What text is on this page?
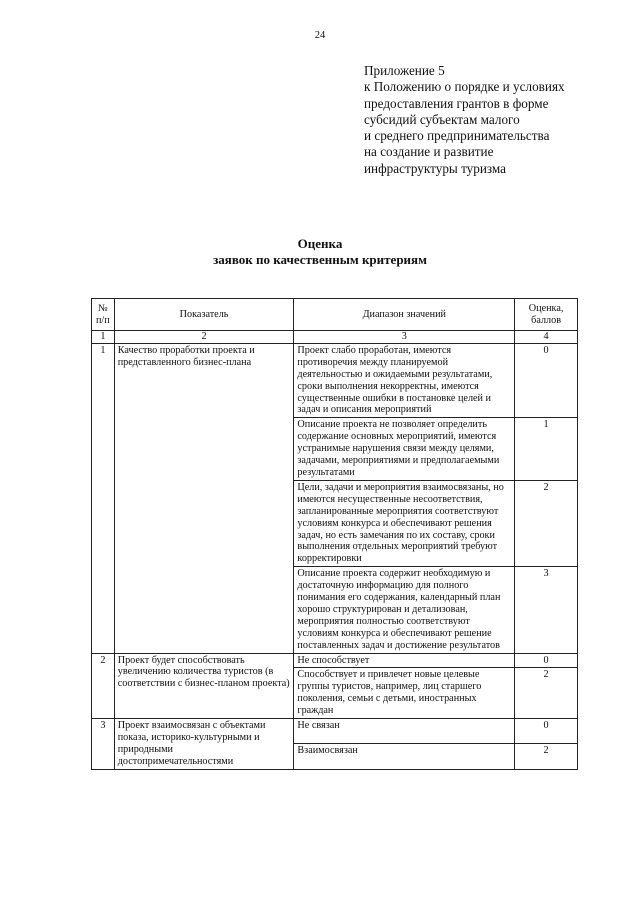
24
Приложение 5
к Положению о порядке и условиях
предоставления грантов в форме
субсидий субъектам малого
и среднего предпринимательства
на создание и развитие
инфраструктуры туризма
Оценка
заявок по качественным критериям
№ п/п	Показатель	Диапазон значений	Оценка, баллов
1	2	3	4
1	Качество проработки проекта и представленного бизнес-плана	Проект слабо проработан, имеются противоречия между планируемой деятельностью и ожидаемыми результатами, сроки выполнения некорректны, имеются существенные ошибки в постановке целей и задач и описания мероприятий	0
		Описание проекта не позволяет определить содержание основных мероприятий, имеются устранимые нарушения связи между целями, задачами, мероприятиями и предполагаемыми результатами	1
		Цели, задачи и мероприятия взаимосвязаны, но имеются несущественные несоответствия, запланированные мероприятия соответствуют условиям конкурса и обеспечивают решения задач, но есть замечания по их составу, сроки выполнения отдельных мероприятий требуют корректировки	2
		Описание проекта содержит необходимую и достаточную информацию для полного понимания его содержания, календарный план хорошо структурирован и детализован, мероприятия полностью соответствуют условиям конкурса и обеспечивают решение поставленных задач и достижение результатов	3
2	Проект будет способствовать увеличению количества туристов (в соответствии с бизнес-планом проекта)	Не способствует	0
		Способствует и привлечет новые целевые группы туристов, например, лиц старшего поколения, семьи с детьми, иностранных граждан	2
3	Проект взаимосвязан с объектами показа, историко-культурными и природными достопримечательностями	Не связан	0
		Взаимосвязан	2
